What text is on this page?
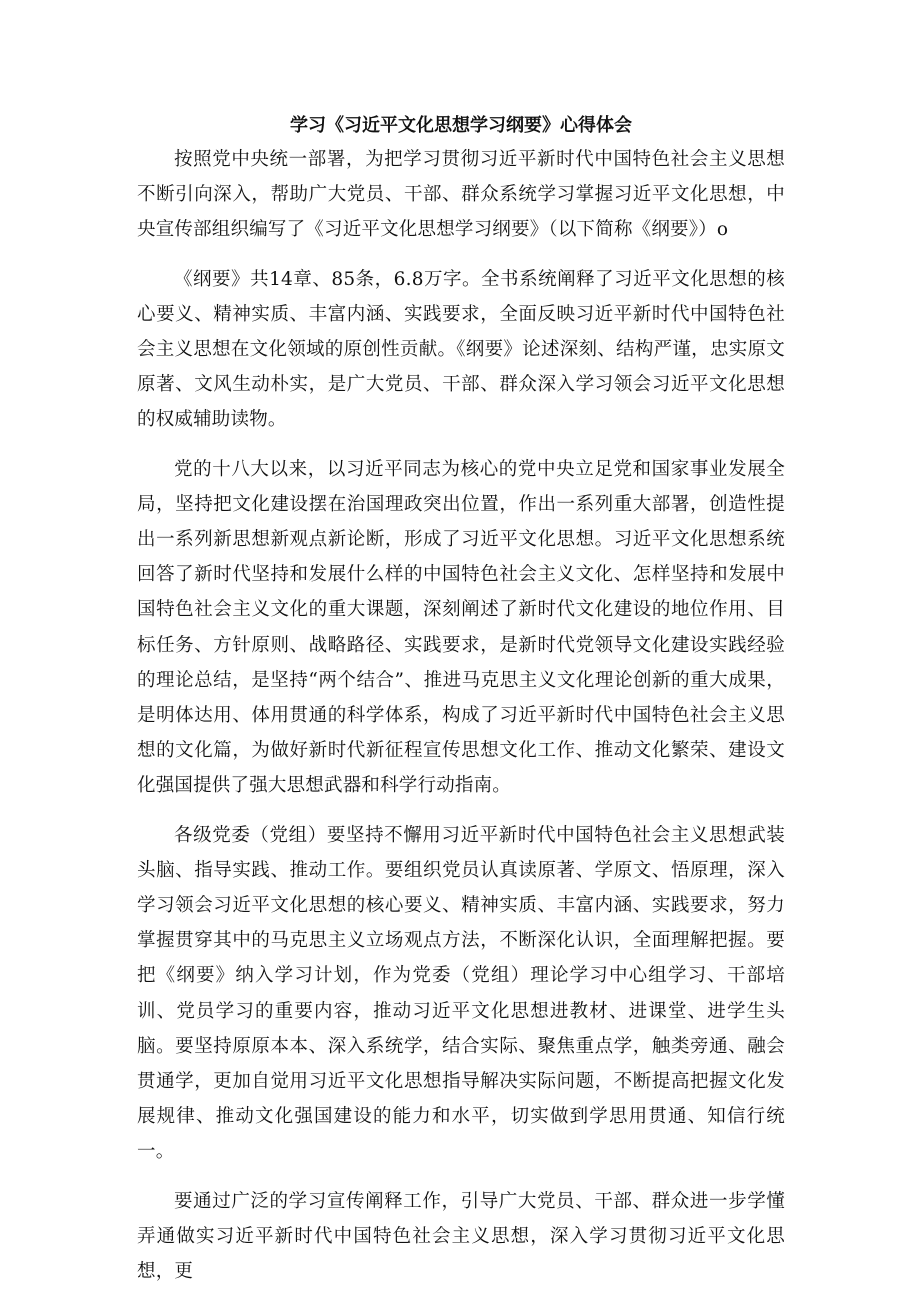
学习《习近平文化思想学习纲要》心得体会

按照党中央统一部署，为把学习贯彻习近平新时代中国特色社会主义思想不断引向深入，帮助广大党员、干部、群众系统学习掌握习近平文化思想，中央宣传部组织编写了《习近平文化思想学习纲要》（以下简称《纲要》）o

《纲要》共14章、85条，6.8万字。全书系统阐释了习近平文化思想的核心要义、精神实质、丰富内涵、实践要求，全面反映习近平新时代中国特色社会主义思想在文化领域的原创性贡献。《纲要》论述深刻、结构严谨，忠实原文原著、文风生动朴实，是广大党员、干部、群众深入学习领会习近平文化思想的权威辅助读物。

党的十八大以来，以习近平同志为核心的党中央立足党和国家事业发展全局，坚持把文化建设摆在治国理政突出位置，作出一系列重大部署，创造性提出一系列新思想新观点新论断，形成了习近平文化思想。习近平文化思想系统回答了新时代坚持和发展什么样的中国特色社会主义文化、怎样坚持和发展中国特色社会主义文化的重大课题，深刻阐述了新时代文化建设的地位作用、目标任务、方针原则、战略路径、实践要求，是新时代党领导文化建设实践经验的理论总结，是坚持“两个结合”、推进马克思主义文化理论创新的重大成果，是明体达用、体用贯通的科学体系，构成了习近平新时代中国特色社会主义思想的文化篇，为做好新时代新征程宣传思想文化工作、推动文化繁荣、建设文化强国提供了强大思想武器和科学行动指南。

各级党委（党组）要坚持不懈用习近平新时代中国特色社会主义思想武装头脑、指导实践、推动工作。要组织党员认真读原著、学原文、悟原理，深入学习领会习近平文化思想的核心要义、精神实质、丰富内涵、实践要求，努力掌握贯穿其中的马克思主义立场观点方法，不断深化认识，全面理解把握。要把《纲要》纳入学习计划，作为党委（党组）理论学习中心组学习、干部培训、党员学习的重要内容，推动习近平文化思想进教材、进课堂、进学生头脑。要坚持原原本本、深入系统学，结合实际、聚焦重点学，触类旁通、融会贯通学，更加自觉用习近平文化思想指导解决实际问题，不断提高把握文化发展规律、推动文化强国建设的能力和水平，切实做到学思用贯通、知信行统一。

要通过广泛的学习宣传阐释工作，引导广大党员、干部、群众进一步学懂弄通做实习近平新时代中国特色社会主义思想，深入学习贯彻习近平文化思想，更
